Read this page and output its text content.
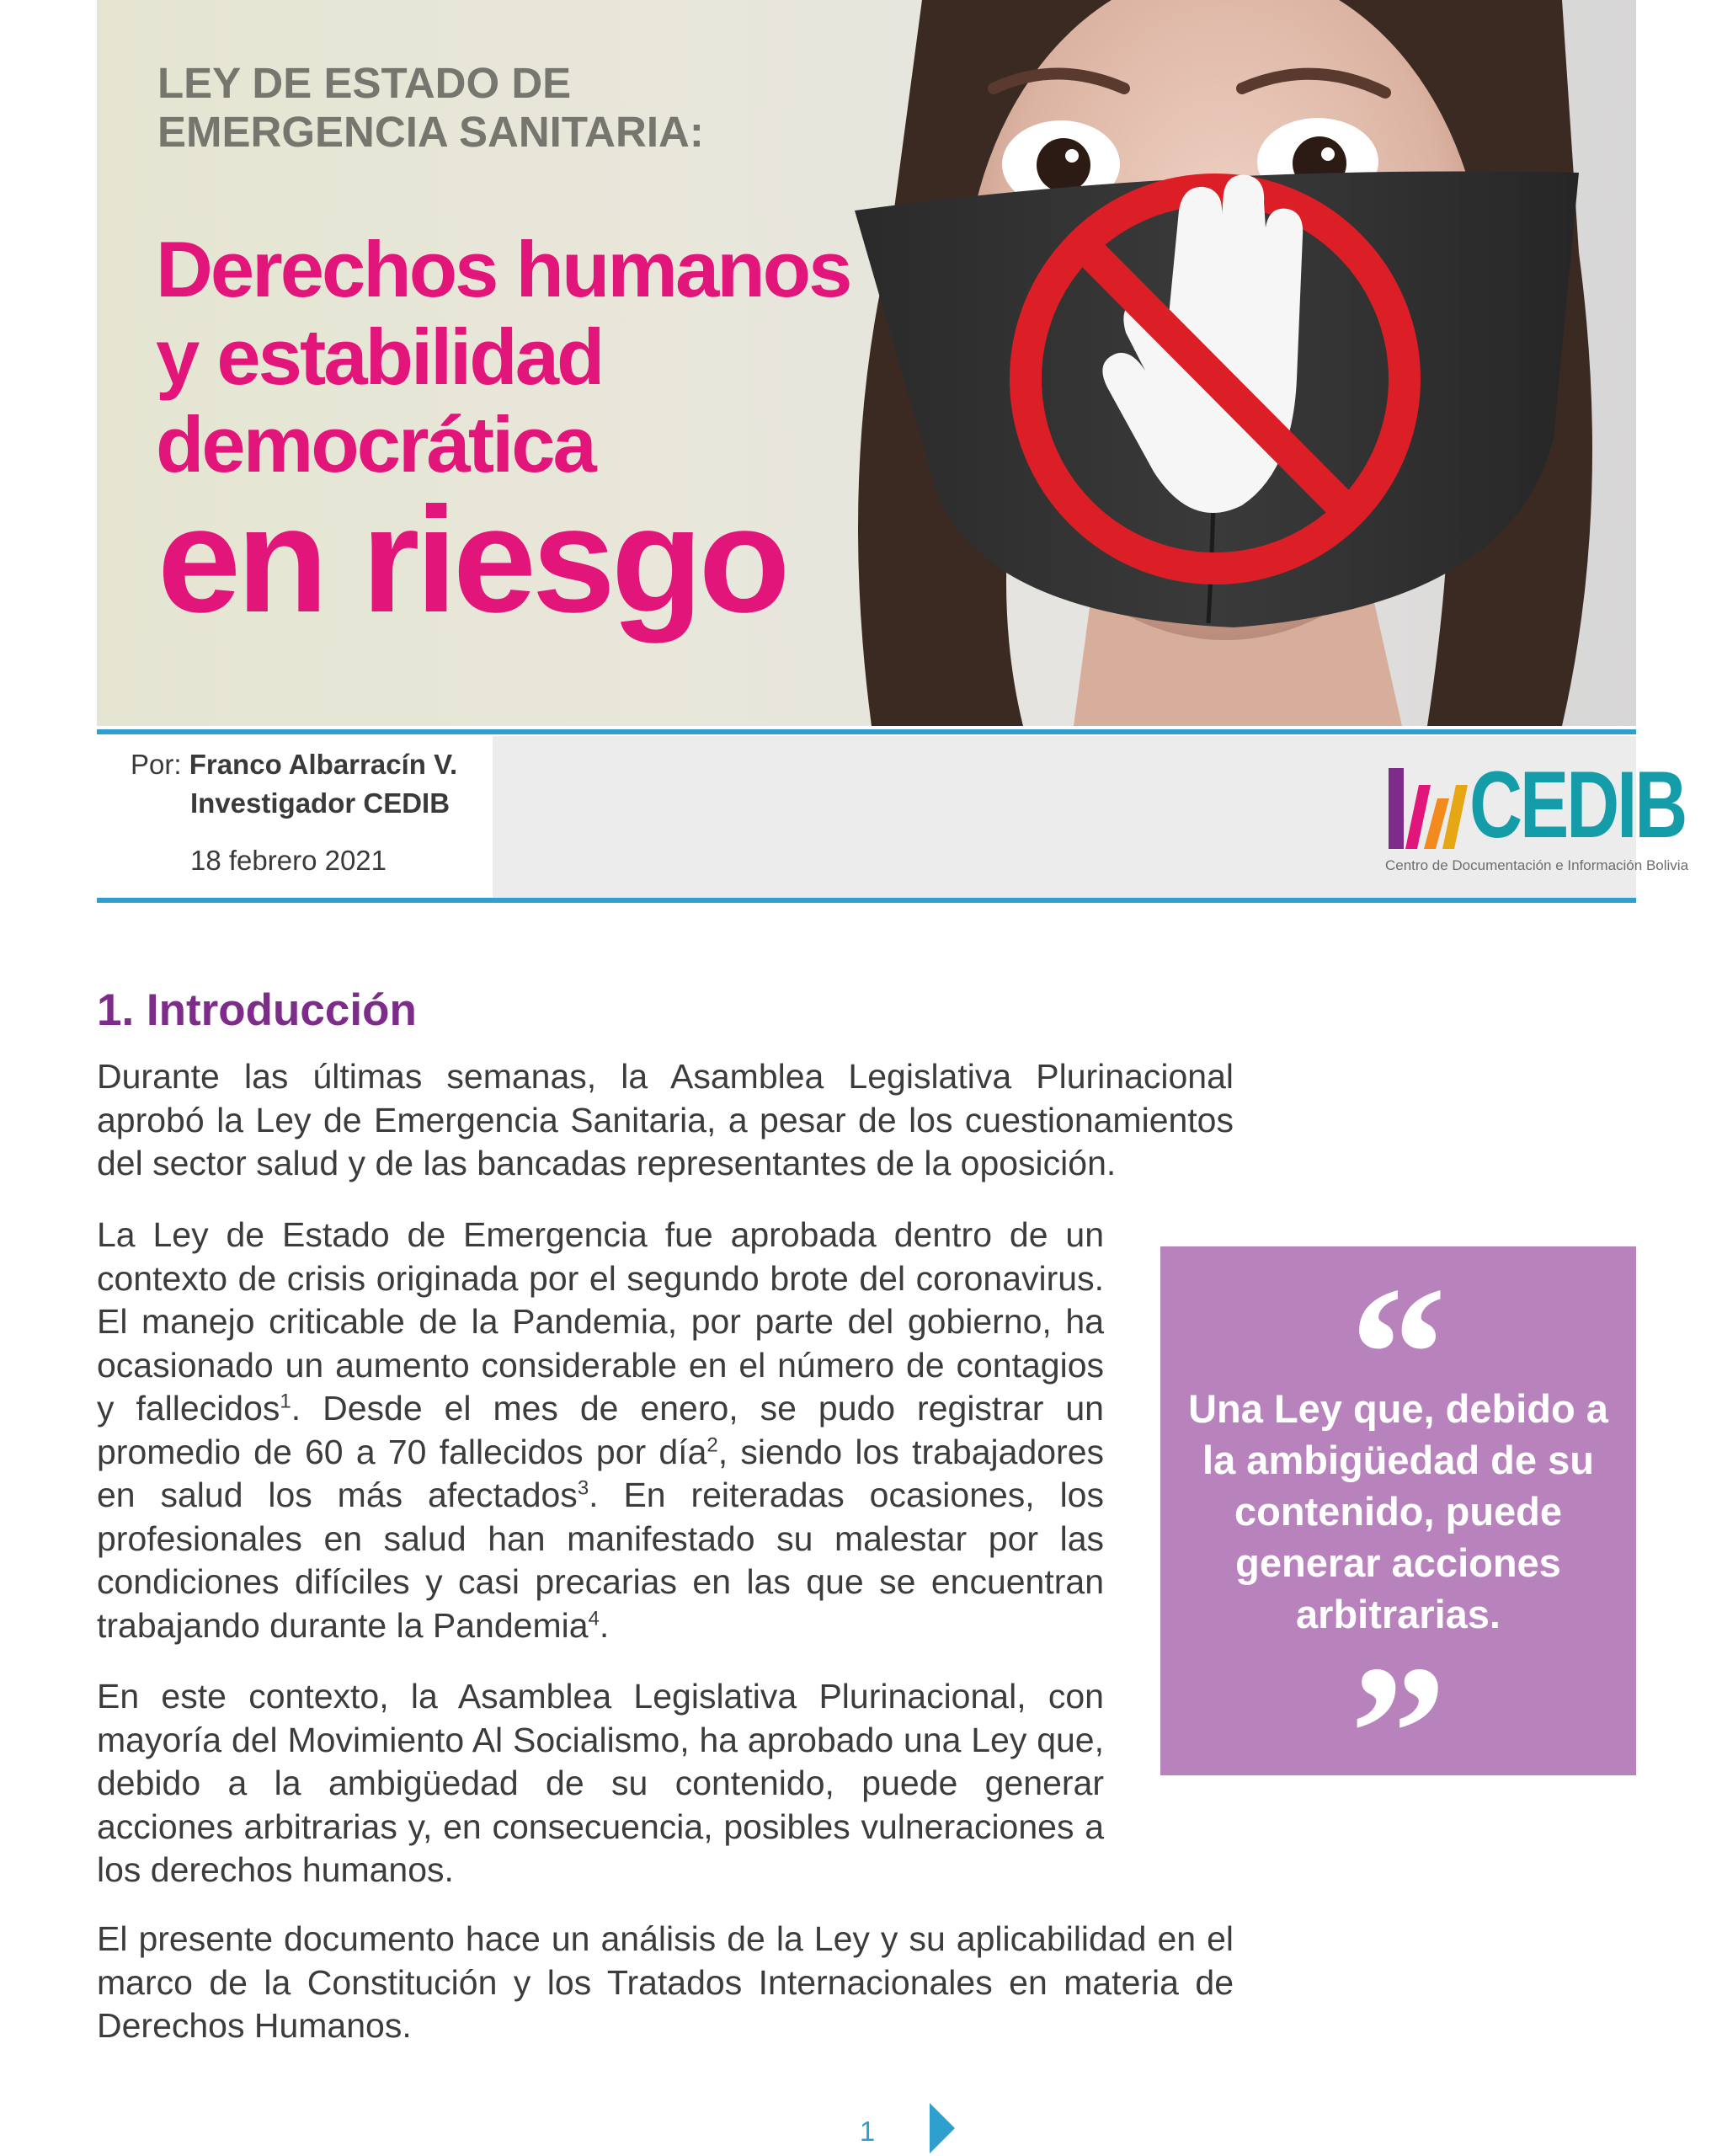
LEY DE ESTADO DE
EMERGENCIA SANITARIA:

Derechos humanos
y estabilidad
democrática
en riesgo
Por: Franco Albarracín V.
Investigador CEDIB
18 febrero 2021
CEDIB

Centro de Documentación e Información Bolivia

1. Introducción

Durante las últimas semanas, la Asamblea Legislativa Plurinacional aprobó la Ley de Emergencia Sanitaria, a pesar de los cuestionamientos del sector salud y de las bancadas representantes de la oposición.

La Ley de Estado de Emergencia fue aprobada dentro de un contexto de crisis originada por el segundo brote del coronavirus. El manejo criticable de la Pandemia, por parte del gobierno, ha ocasionado un aumento considerable en el número de contagios y fallecidos$^1$. Desde el mes de enero, se pudo registrar un promedio de 60 a 70 fallecidos por día$^2$, siendo los trabajadores en salud los más afectados$^3$. En reiteradas ocasiones, los profesionales en salud han manifestado su malestar por las condiciones difíciles y casi precarias en las que se encuentran trabajando durante la Pandemia$^4$.

En este contexto, la Asamblea Legislativa Plurinacional, con mayoría del Movimiento Al Socialismo, ha aprobado una Ley que, debido a la ambigüedad de su contenido, puede generar acciones arbitrarias y, en consecuencia, posibles vulneraciones a los derechos humanos.

El presente documento hace un análisis de la Ley y su aplicabilidad en el marco de la Constitución y los Tratados Internacionales en materia de Derechos Humanos.

“

Una Ley que, debido a la ambigüedad de su contenido, puede generar acciones arbitrarias.

”
1
